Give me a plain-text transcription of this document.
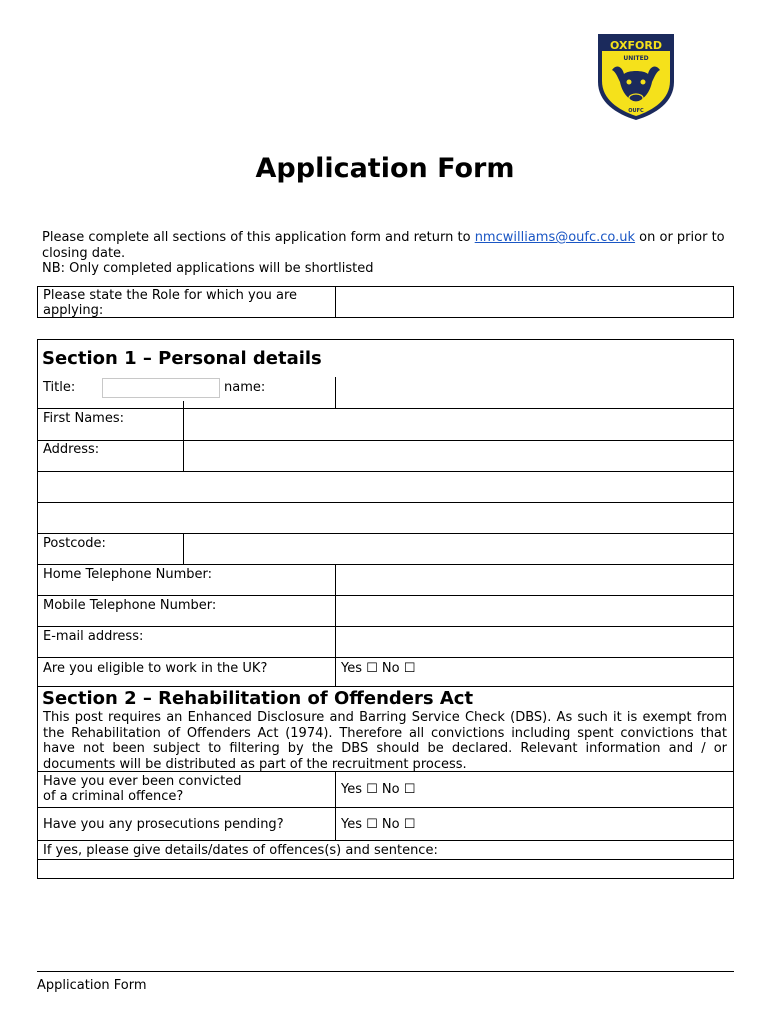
OXFORD
UNITED
OUFC
Application Form
Please complete all sections of this application form and return to nmcwilliams@oufc.co.uk on or prior to closing date.
NB: Only completed applications will be shortlisted
Please state the Role for which you are applying:
Section 1 – Personal details
Title:	name:
First Names:
Address:
Postcode:
Home Telephone Number:
Mobile Telephone Number:
E-mail address:
Are you eligible to work in the UK?	Yes ☐ No ☐
Section 2 – Rehabilitation of Offenders Act
This post requires an Enhanced Disclosure and Barring Service Check (DBS). As such it is exempt from the Rehabilitation of Offenders Act (1974). Therefore all convictions including spent convictions that have not been subject to filtering by the DBS should be declared. Relevant information and / or documents will be distributed as part of the recruitment process.
Have you ever been convicted
of a criminal offence?	Yes ☐ No ☐
Have you any prosecutions pending?	Yes ☐ No ☐
If yes, please give details/dates of offences(s) and sentence:
Application Form
